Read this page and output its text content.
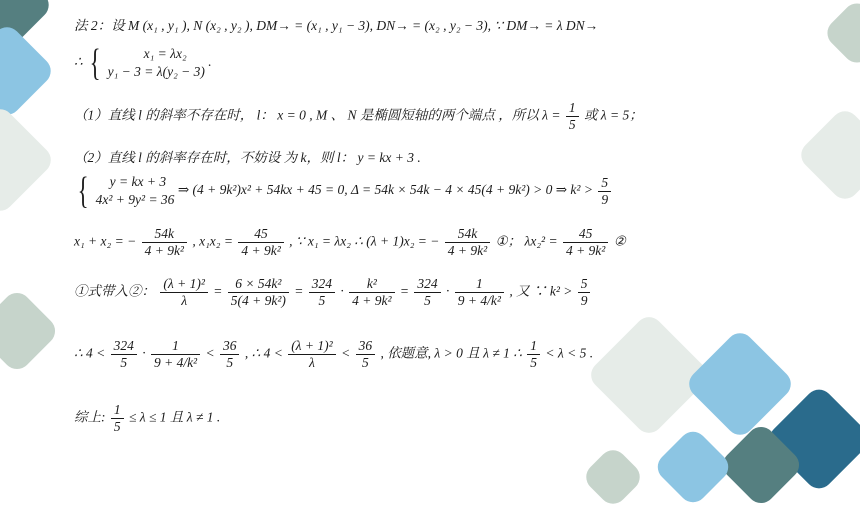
法 2：设 M (x₁ , y₁ ), N (x₂ , y₂ ), DM→ = (x₁ , y₁ − 3), DN→ = (x₂ , y₂ − 3), ∵ DM→ = λ DN→
∴ {	x₁ = λx₂
y₁ − 3 = λ(y₂ − 3)
.
（1）直线 l 的斜率不存在时， l： x = 0 , M 、 N 是椭圆短轴的两个端点 ，所以 $\lambda = \frac{1}{5}$ 或 λ = 5；
（2）直线 l 的斜率存在时，不妨设 为 k，则 l： y = kx + 3 .
{	y = kx + 3
4x² + 9y² = 36
⇒ (4 + 9k²)x² + 54kx + 45 = 0, Δ = 54k × 54k − 4 × 45(4 + 9k²) > 0 ⇒ $k^2 > \frac{5}{9}$
x₁ + x₂ = − $\frac{54k}{\text{4 + 9k²}}$ , $x_1x_2 = \frac{45}{\text{4 + 9k²}}$ , ∵ x₁ = λx₂ ∴ (λ + 1)x₂ = − $\frac{54k}{\text{4 + 9k²}}$ ①； $\lambda x_2^2 = \frac{45}{\text{4 + 9k²}}$ ②
①式带入②： $\frac{\text{(λ + 1)²}}{\lambda} = \frac{\text{6 × 54k²}}{\text{5(4 + 9k²)}} = \frac{324}{5} \cdot \frac{\text{k²}}{\text{4 + 9k²}} = \frac{324}{5} \cdot \frac{1}{\text{9 + 4/k²}}$ , 又 ∵ $k^2 > \frac{5}{9}$
∴ $4 < \frac{324}{5} \cdot \frac{1}{\text{9 + 4/k²}} < \frac{36}{5}$ , ∴ $4 < \frac{\text{(λ + 1)²}}{\lambda} < \frac{36}{5}$ , 依题意, λ > 0 且 λ ≠ 1 ∴ $\frac{1}{5} < \lambda < 5$ .
综上: $\frac{1}{5} \le \lambda \le 1$ 且 λ ≠ 1 .
